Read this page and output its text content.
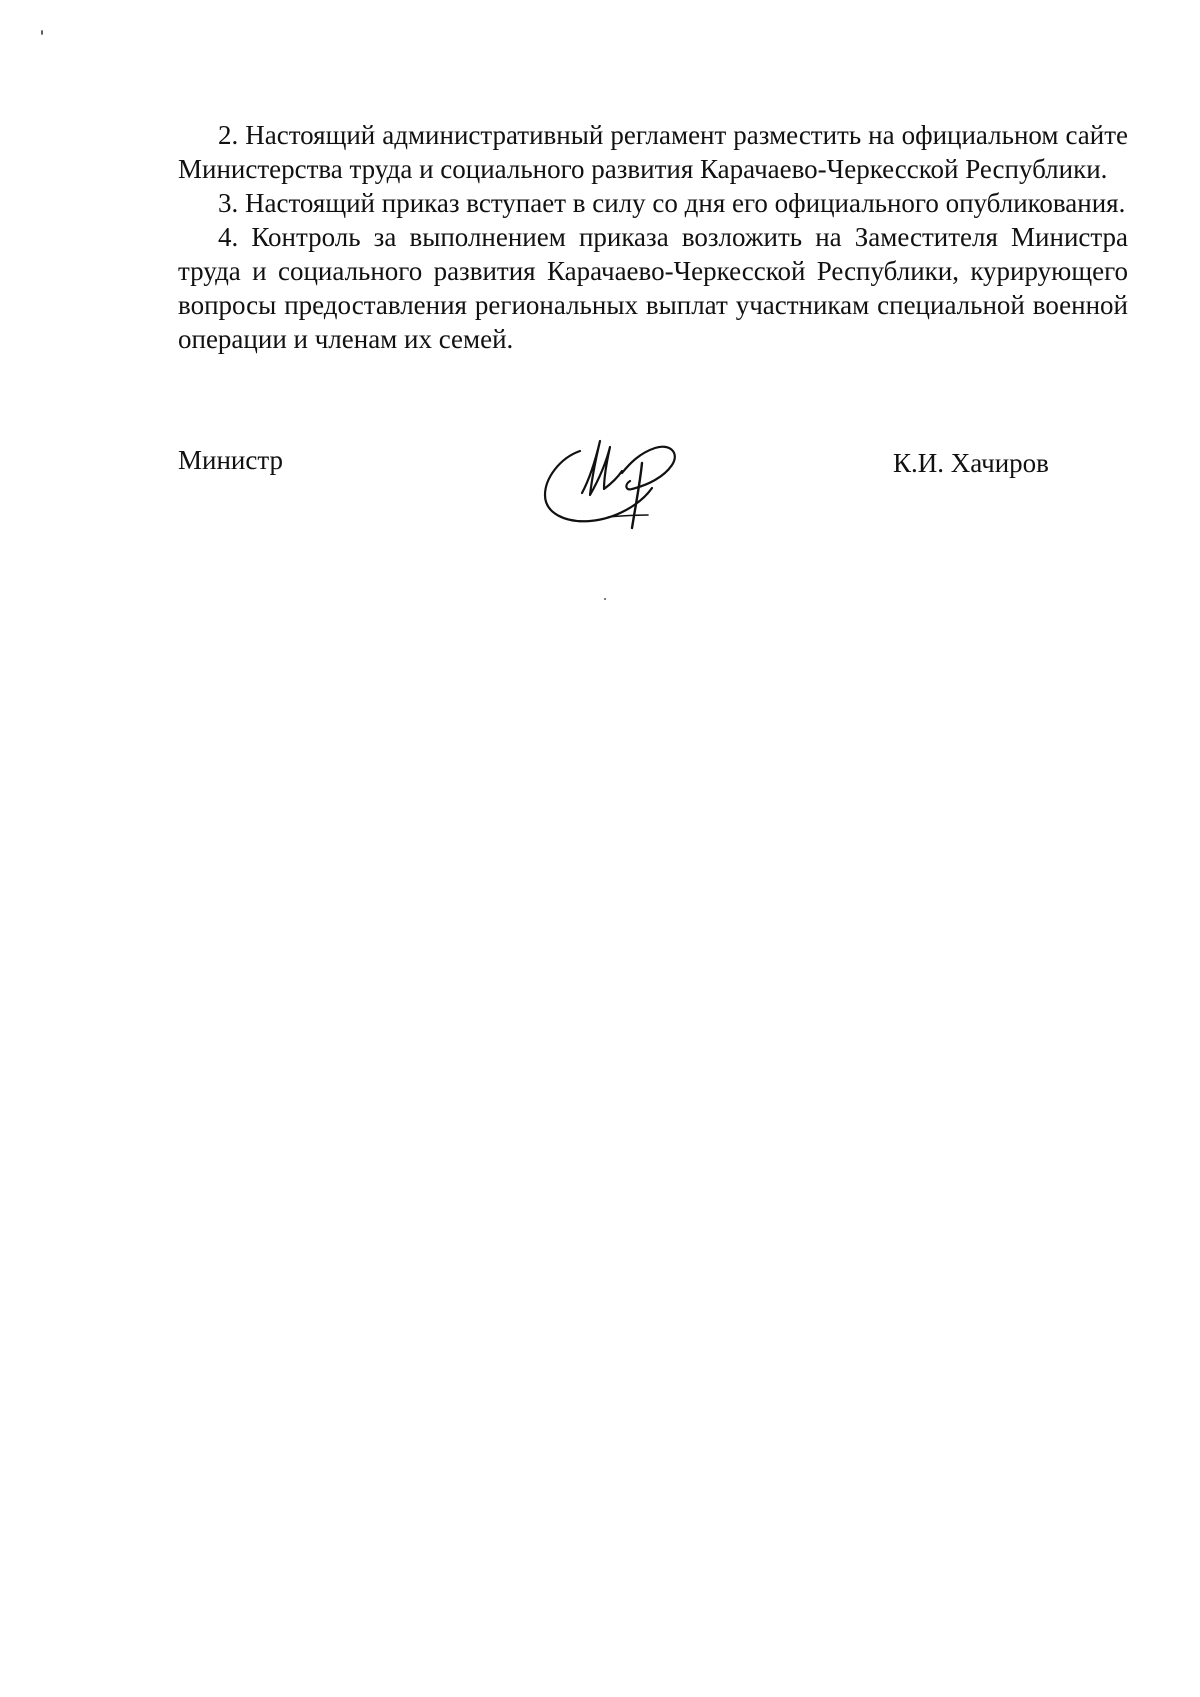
2. Настоящий административный регламент разместить на официальном сайте Министерства труда и социального развития Карачаево-Черкесской Республики.

3. Настоящий приказ вступает в силу со дня его официального опубликования.

4. Контроль за выполнением приказа возложить на Заместителя Министра труда и социального развития Карачаево-Черкесской Республики, курирующего вопросы предоставления региональных выплат участникам специальной военной операции и членам их семей.

Министр	К.И. Хачиров
